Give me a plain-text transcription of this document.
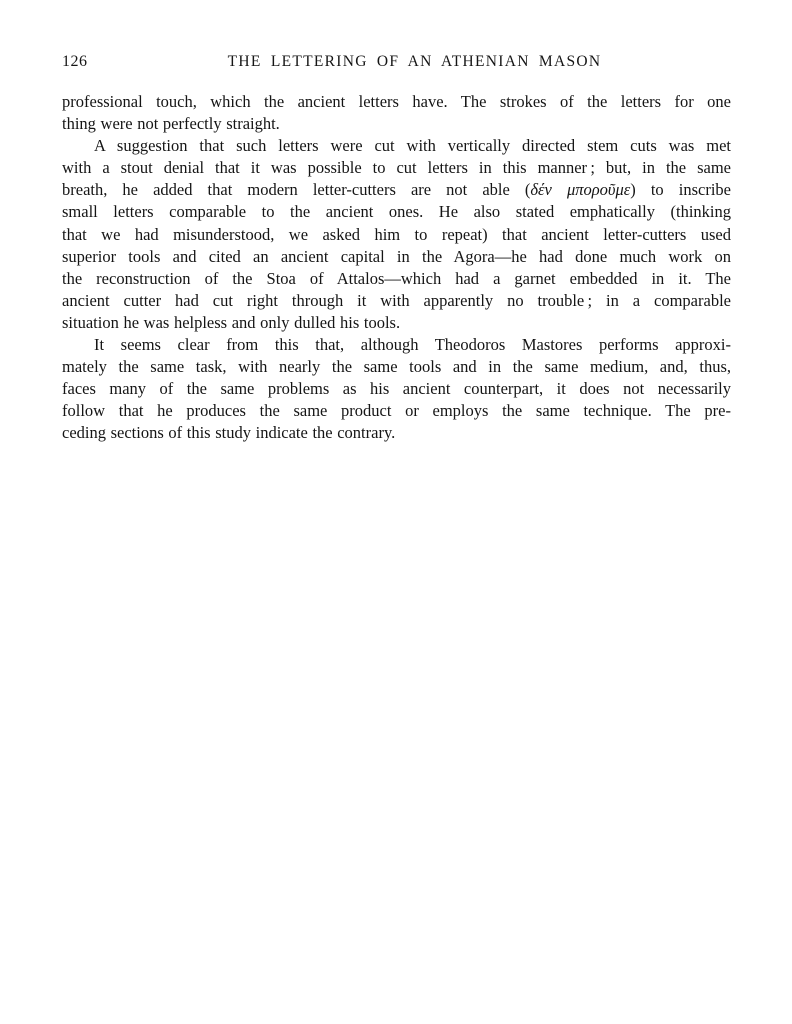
126	THE LETTERING OF AN ATHENIAN MASON
professional touch, which the ancient letters have. The strokes of the letters for one
thing were not perfectly straight.
A suggestion that such letters were cut with vertically directed stem cuts was met
with a stout denial that it was possible to cut letters in this manner ; but, in the same
breath, he added that modern letter-cutters are not able (δέν μποροῦμε) to inscribe
small letters comparable to the ancient ones. He also stated emphatically (thinking
that we had misunderstood, we asked him to repeat) that ancient letter-cutters used
superior tools and cited an ancient capital in the Agora—he had done much work on
the reconstruction of the Stoa of Attalos—which had a garnet embedded in it. The
ancient cutter had cut right through it with apparently no trouble ; in a comparable
situation he was helpless and only dulled his tools.
It seems clear from this that, although Theodoros Mastores performs approxi-
mately the same task, with nearly the same tools and in the same medium, and, thus,
faces many of the same problems as his ancient counterpart, it does not necessarily
follow that he produces the same product or employs the same technique. The pre-
ceding sections of this study indicate the contrary.
